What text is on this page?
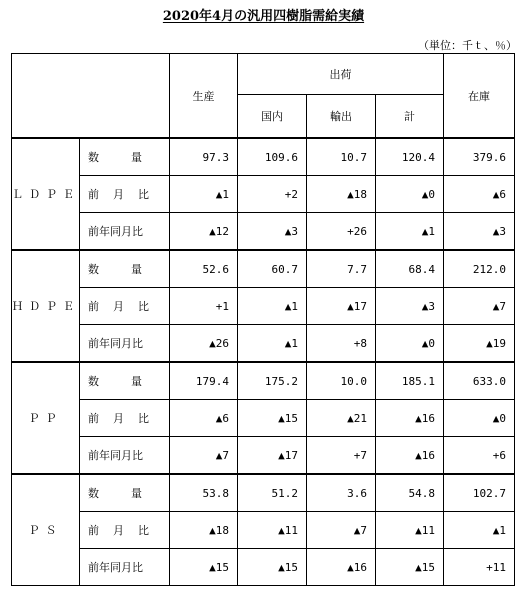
2020年4月の汎用四樹脂需給実績
（単位：千ｔ、％）
		生産	出荷			在庫
			国内	輸出	計	
ＬＤＰＥ	数 量	97.3	109.6	10.7	120.4	379.6
	前 月 比	▲1	+2	▲18	▲0	▲6
	前年同月比	▲12	▲3	+26	▲1	▲3
ＨＤＰＥ	数 量	52.6	60.7	7.7	68.4	212.0
	前 月 比	+1	▲1	▲17	▲3	▲7
	前年同月比	▲26	▲1	+8	▲0	▲19
ＰＰ	数 量	179.4	175.2	10.0	185.1	633.0
	前 月 比	▲6	▲15	▲21	▲16	▲0
	前年同月比	▲7	▲17	+7	▲16	+6
ＰＳ	数 量	53.8	51.2	3.6	54.8	102.7
	前 月 比	▲18	▲11	▲7	▲11	▲1
	前年同月比	▲15	▲15	▲16	▲15	+11
